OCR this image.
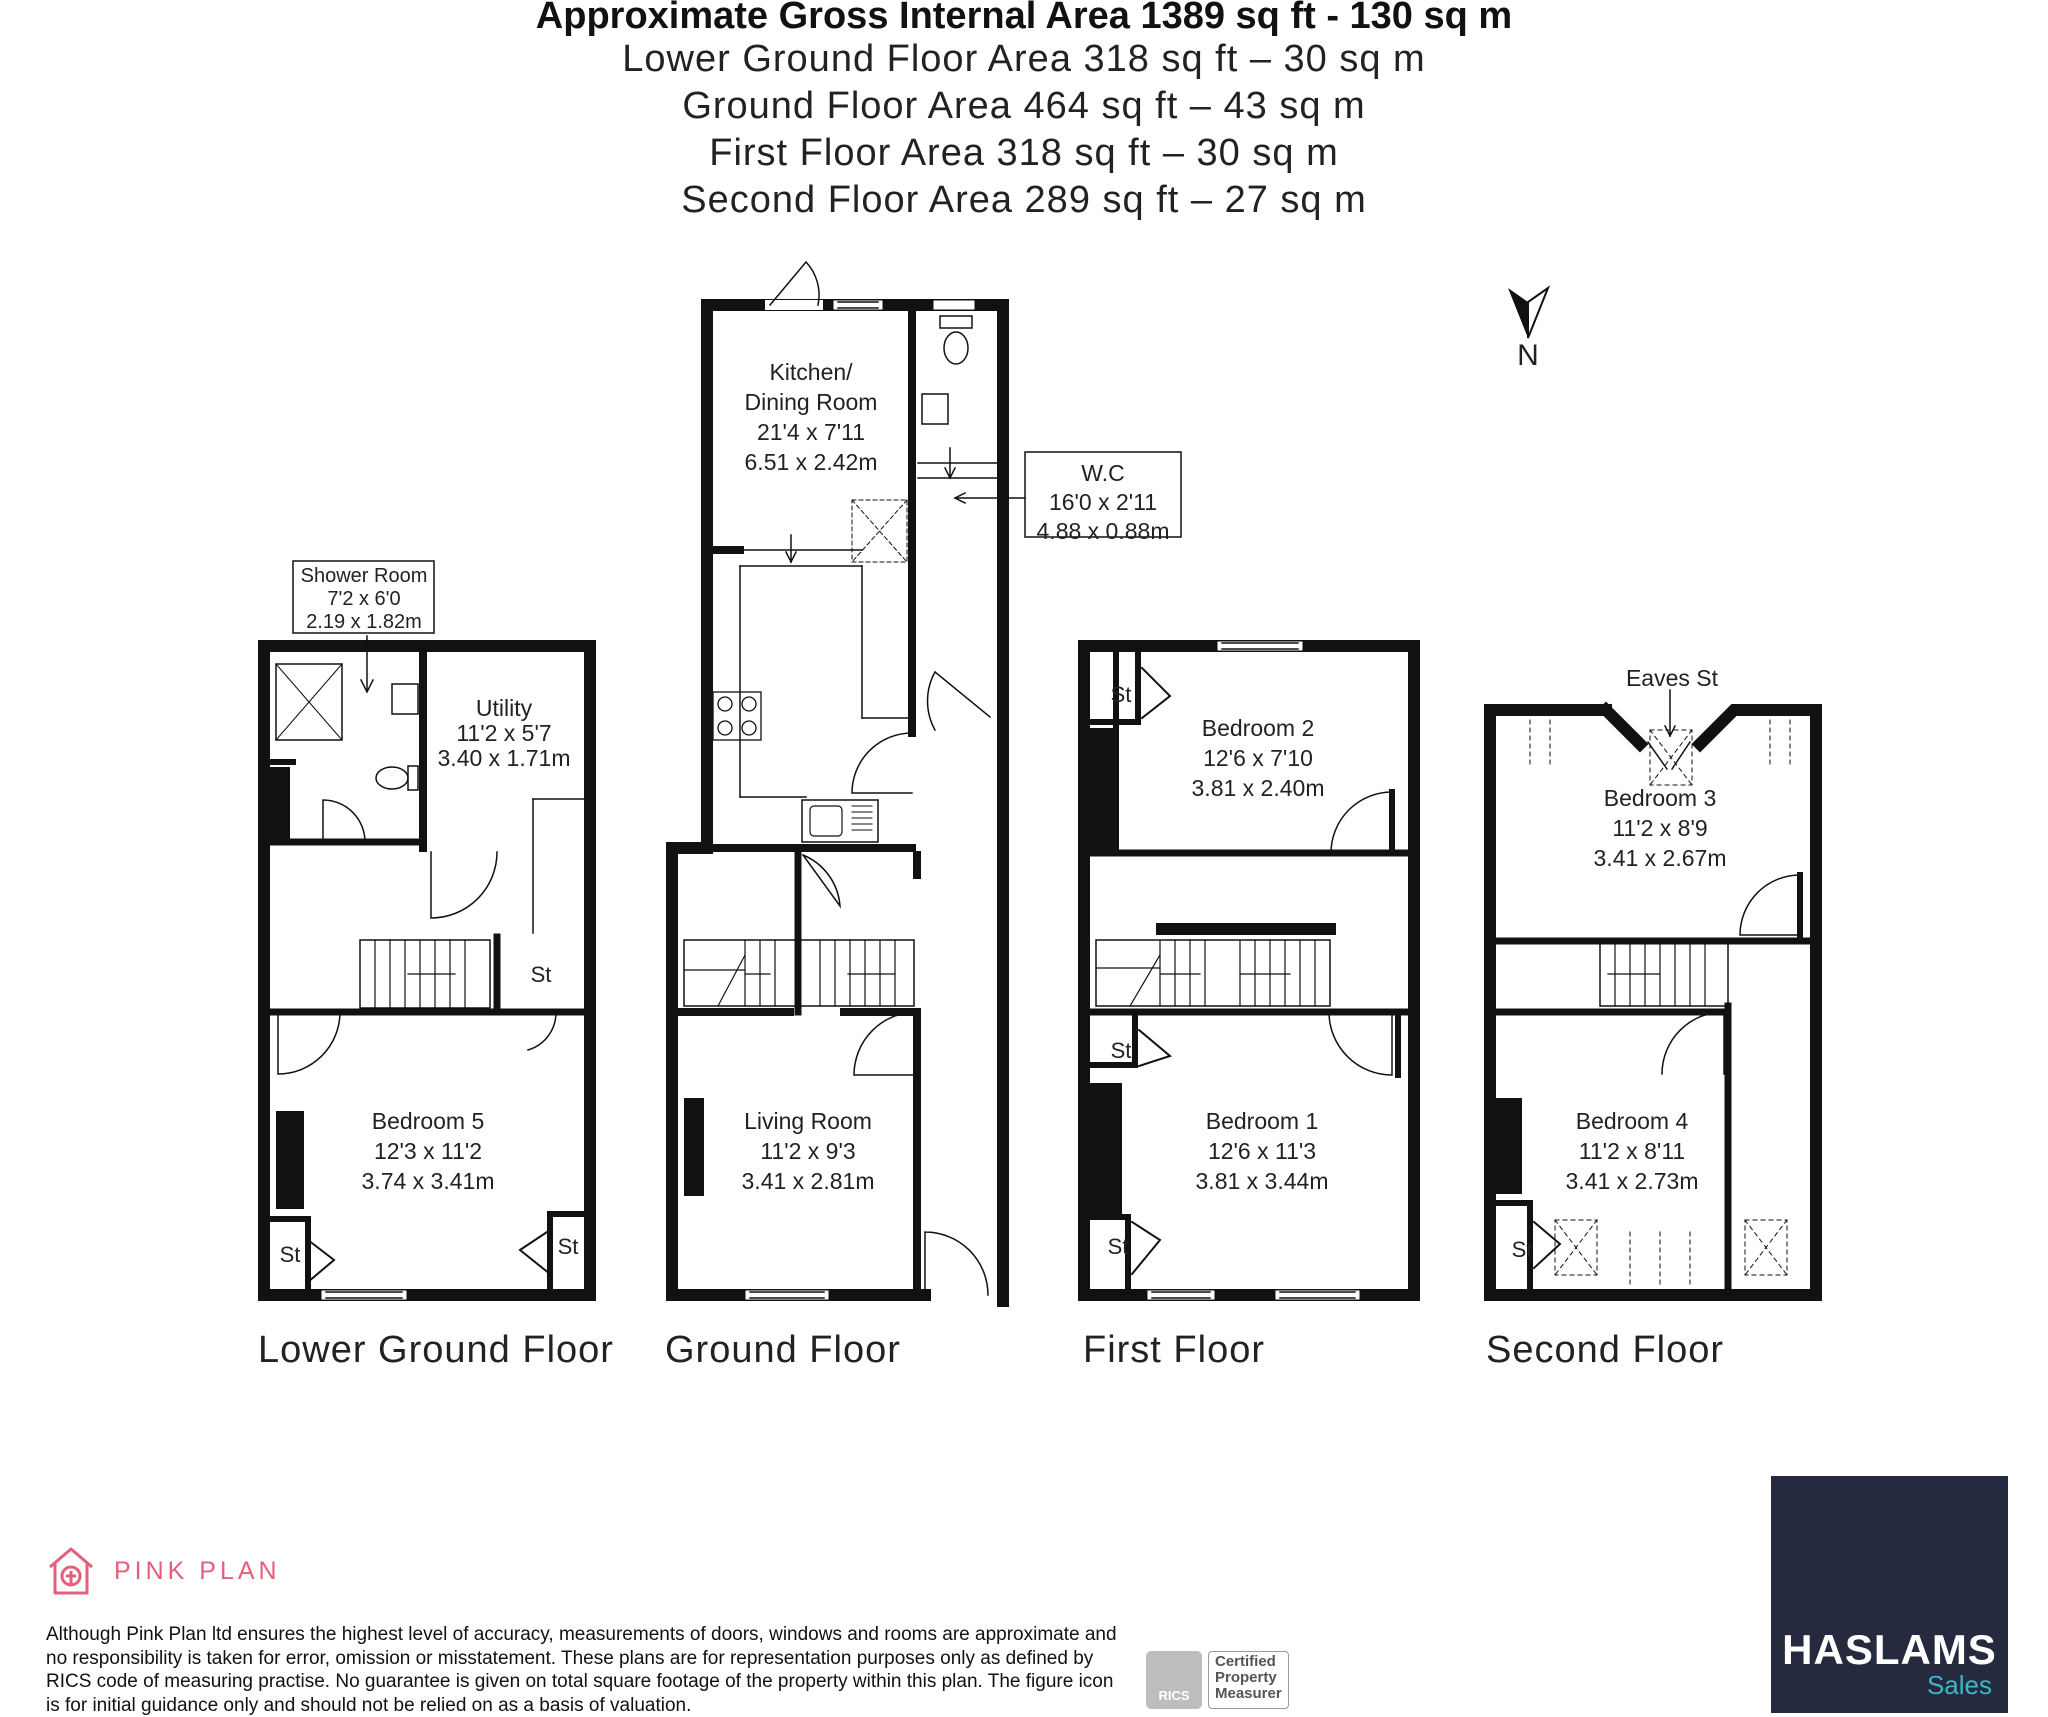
Approximate Gross Internal Area 1389 sq ft - 130 sq m
Lower Ground Floor Area 318 sq ft – 30 sq m
Ground Floor Area 464 sq ft – 43 sq m
First Floor Area 318 sq ft – 30 sq m
Second Floor Area 289 sq ft – 27 sq m
N
Shower Room
7'2 x 6'0
2.19 x 1.82m
Utility
11'2 x 5'7
3.40 x 1.71m
St
Bedroom 5
12'3 x 11'2
3.74 x 3.41m
St	St
Lower Ground Floor
Kitchen/
Dining Room
21'4 x 7'11
6.51 x 2.42m	W.C
16'0 x 2'11
4.88 x 0.88m
Living Room
11'2 x 9'3
3.41 x 2.81m
Ground Floor
St
Bedroom 2
12'6 x 7'10
3.81 x 2.40m
St
Bedroom 1
12'6 x 11'3
3.81 x 3.44m
St
First Floor
Eaves St
Bedroom 3
11'2 x 8'9
3.41 x 2.67m
Bedroom 4
11'2 x 8'11
3.41 x 2.73m
St
Second Floor
PINK PLAN
Although Pink Plan ltd ensures the highest level of accuracy, measurements of doors, windows and rooms are approximate and no responsibility is taken for error, omission or misstatement. These plans are for representation purposes only as defined by RICS code of measuring practise. No guarantee is given on total square footage of the property within this plan. The figure icon is for initial guidance only and should not be relied on as a basis of valuation.	RICS
Certified
Property
Measurer
HASLAMS
Sales
